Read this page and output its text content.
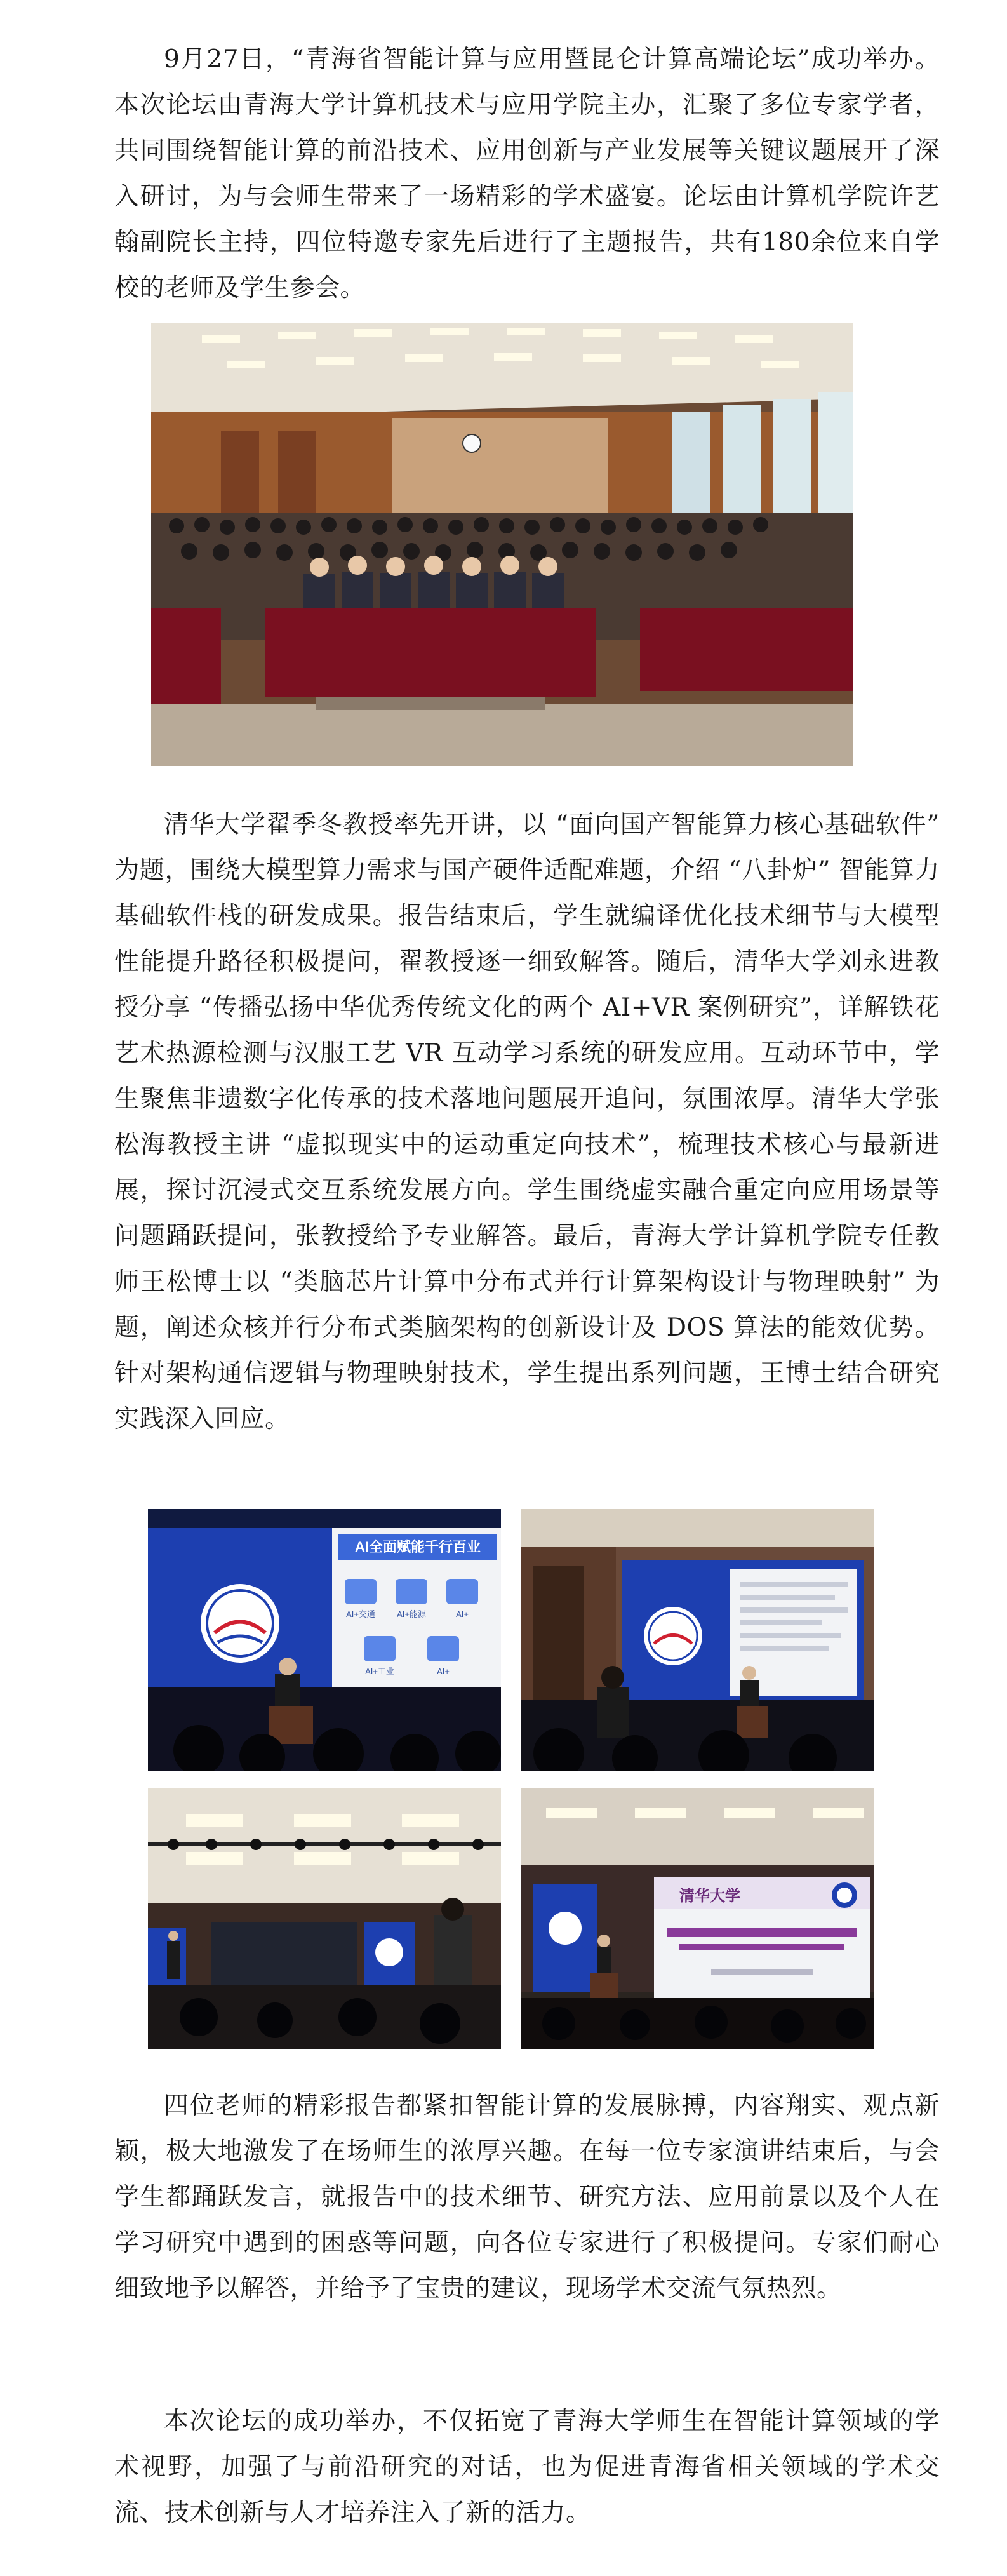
9月27日，“青海省智能计算与应用暨昆仑计算高端论坛”成功举办。本次论坛由青海大学计算机技术与应用学院主办，汇聚了多位专家学者，共同围绕智能计算的前沿技术、应用创新与产业发展等关键议题展开了深入研讨，为与会师生带来了一场精彩的学术盛宴。论坛由计算机学院许艺翰副院长主持，四位特邀专家先后进行了主题报告，共有180余位来自学校的老师及学生参会。

清华大学翟季冬教授率先开讲，以 “面向国产智能算力核心基础软件” 为题，围绕大模型算力需求与国产硬件适配难题，介绍 “八卦炉” 智能算力基础软件栈的研发成果。报告结束后，学生就编译优化技术细节与大模型性能提升路径积极提问，翟教授逐一细致解答。随后，清华大学刘永进教授分享 “传播弘扬中华优秀传统文化的两个 AI+VR 案例研究”，详解铁花艺术热源检测与汉服工艺 VR 互动学习系统的研发应用。互动环节中，学生聚焦非遗数字化传承的技术落地问题展开追问，氛围浓厚。清华大学张松海教授主讲 “虚拟现实中的运动重定向技术”，梳理技术核心与最新进展，探讨沉浸式交互系统发展方向。学生围绕虚实融合重定向应用场景等问题踊跃提问，张教授给予专业解答。最后，青海大学计算机学院专任教师王松博士以 “类脑芯片计算中分布式并行计算架构设计与物理映射” 为题，阐述众核并行分布式类脑架构的创新设计及 DOS 算法的能效优势。针对架构通信逻辑与物理映射技术，学生提出系列问题，王博士结合研究实践深入回应。

AI全面赋能千行百业
AI+交通	AI+能源	AI+
AI+工业	AI+
清华大学

四位老师的精彩报告都紧扣智能计算的发展脉搏，内容翔实、观点新颖，极大地激发了在场师生的浓厚兴趣。在每一位专家演讲结束后，与会学生都踊跃发言，就报告中的技术细节、研究方法、应用前景以及个人在学习研究中遇到的困惑等问题，向各位专家进行了积极提问。专家们耐心细致地予以解答，并给予了宝贵的建议，现场学术交流气氛热烈。

本次论坛的成功举办，不仅拓宽了青海大学师生在智能计算领域的学术视野，加强了与前沿研究的对话，也为促进青海省相关领域的学术交流、技术创新与人才培养注入了新的活力。
